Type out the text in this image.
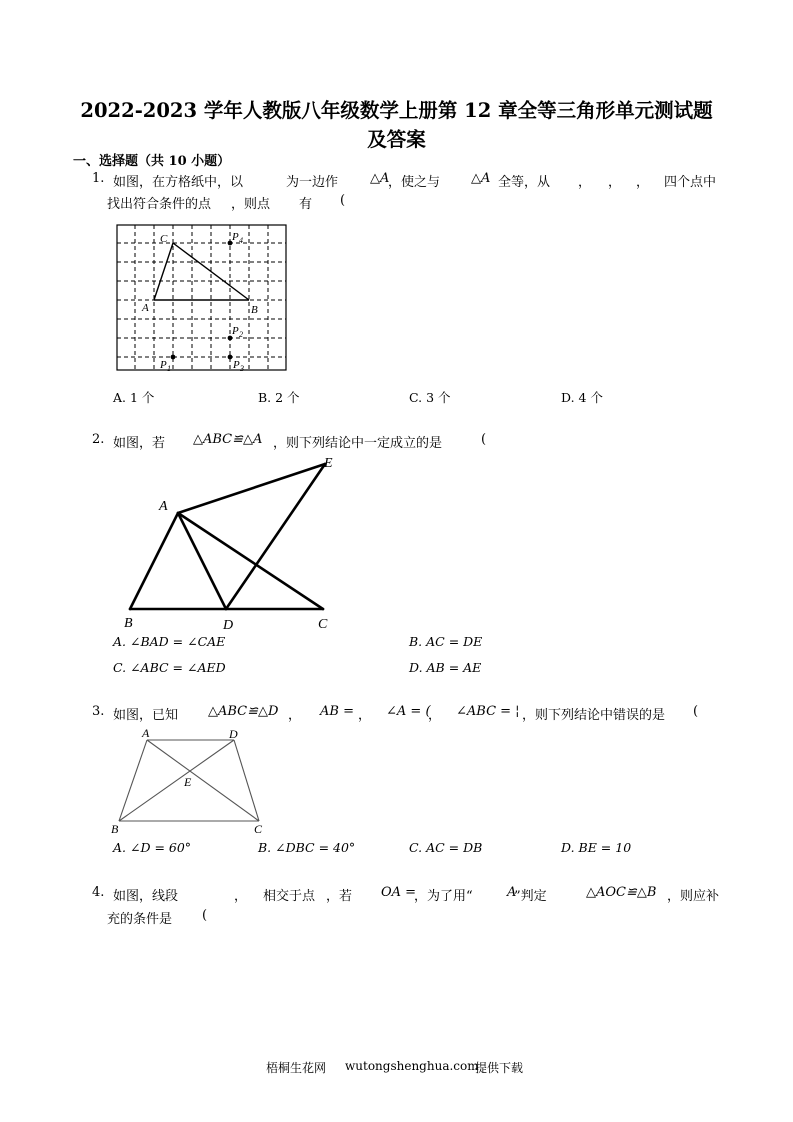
2022-2023 学年人教版八年级数学上册第 12 章全等三角形单元测试题
及答案
一、选择题（共 10 小题）
1. 如图，在方格纸中，以	为一边作 △A
，使之与 △A 全等，从 ， ， ， 四个点中
找出符合条件的点 ，则点 有 (
C
A	B
P 4
P 2
P 3
P 1
A. 1 个	B. 2 个	C. 3 个	D. 4 个
2. 如图，若 △ABC≌△A ，则下列结论中一定成立的是	(
A
B	D	C
E
A. ∠BAD = ∠CAE	B. AC = DE
C. ∠ABC = ∠AED	D. AB = AE
3. 如图，已知 △ABC≌△D ， AB = ， ∠A = (
， ∠ABC = ¦ ，则下列结论中错误的是 (
A	D
E
B	C
A. ∠D = 60°	B. ∠DBC = 40°	C. AC = DB	D. BE = 10
4. 如图，线段	， 相交于点 ，若 OA =
，为了用“	A
”判定	△AOC≌△B ，则应补
充的条件是 (
梧桐生花网 wutongshenghua.com
提供下载
